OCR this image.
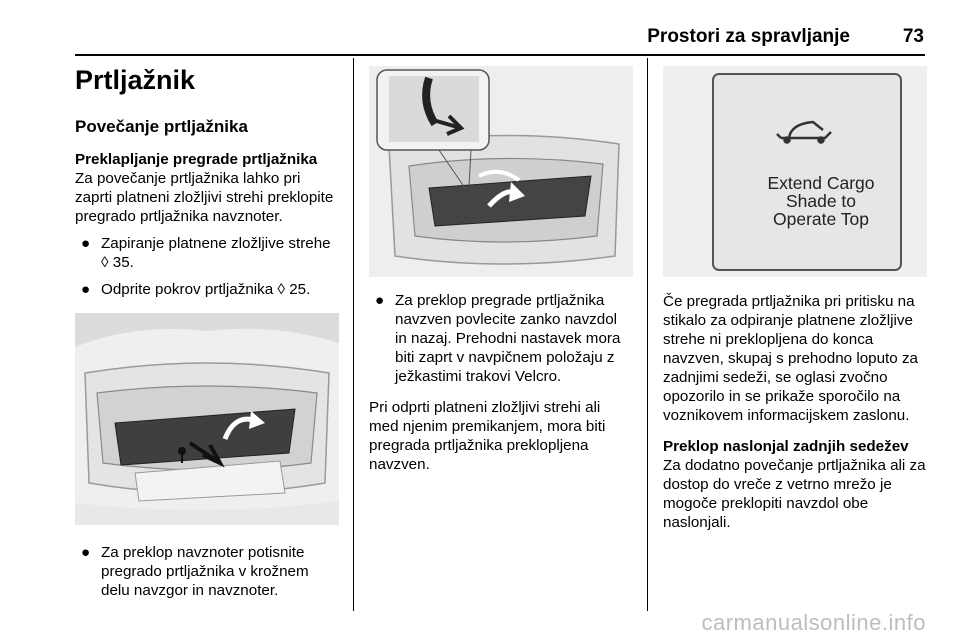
Prostori za spravljanje	73
Prtljažnik
Povečanje prtljažnika
Preklapljanje pregrade prtljažnika

Za povečanje prtljažnika lahko pri zaprti platneni zložljivi strehi preklopite pregrado prtljažnika navznoter.

● Zapiranje platnene zložljive strehe ◊ 35.
● Odprite pokrov prtljažnika ◊ 25.
● Za preklop navznoter potisnite pregrado prtljažnika v krožnem delu navzgor in navznoter.
● Za preklop pregrade prtljažnika navzven povlecite zanko navzdol in nazaj. Prehodni nastavek mora biti zaprt v navpičnem položaju z ježkastimi trakovi Velcro.

Pri odprti platneni zložljivi strehi ali med njenim premikanjem, mora biti pregrada prtljažnika preklopljena navzven.

Extend Cargo
Shade to
Operate Top

Če pregrada prtljažnika pri pritisku na stikalo za odpiranje platnene zložljive strehe ni preklopljena do konca navzven, skupaj s prehodno loputo za zadnjimi sedeži, se oglasi zvočno opozorilo in se prikaže sporočilo na voznikovem informacijskem zaslonu.

Preklop naslonjal zadnjih sedežev

Za dodatno povečanje prtljažnika ali za dostop do vreče z vetrno mrežo je mogoče preklopiti navzdol obe naslonjali.

carmanualsonline.info
